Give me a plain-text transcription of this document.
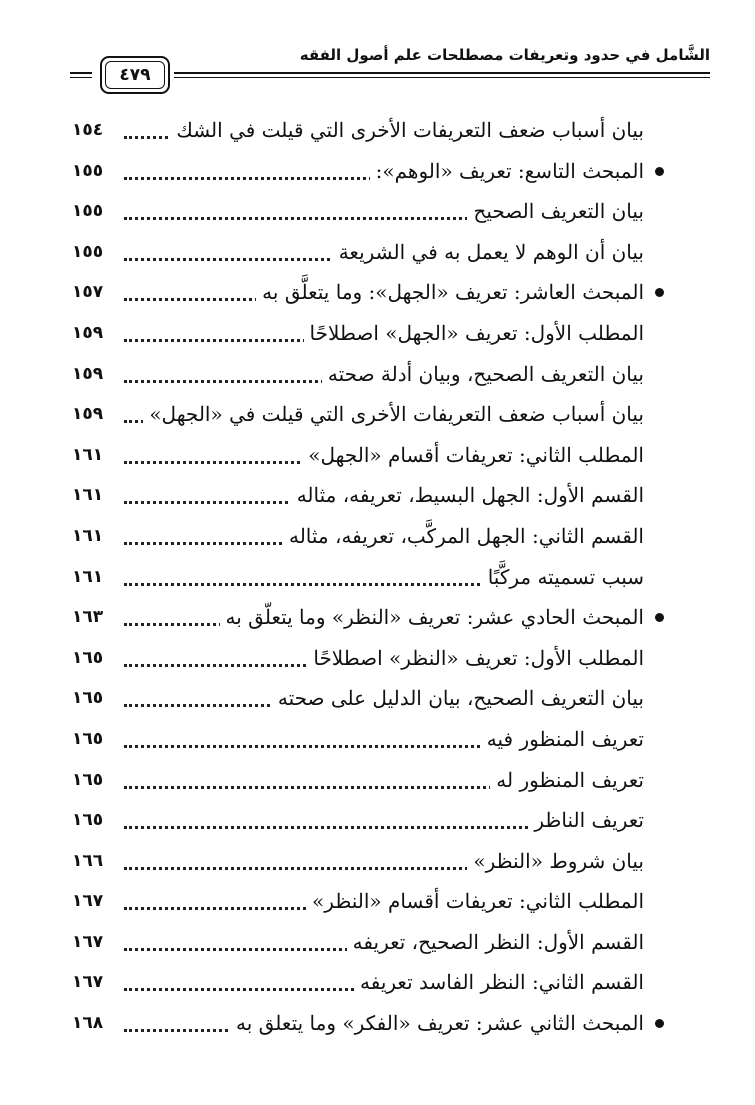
٤٧٩
الشَّامل في حدود وتعريفات مصطلحات علم أصول الفقه
بيان أسباب ضعف التعريفات الأخرى التي قيلت في الشك
١٥٤
المبحث التاسع: تعريف «الوهم»:
١٥٥
بيان التعريف الصحيح
١٥٥
بيان أن الوهم لا يعمل به في الشريعة
١٥٥
المبحث العاشر: تعريف «الجهل»: وما يتعلَّق به
١٥٧
المطلب الأول: تعريف «الجهل» اصطلاحًا
١٥٩
بيان التعريف الصحيح، وبيان أدلة صحته
١٥٩
بيان أسباب ضعف التعريفات الأخرى التي قيلت في «الجهل»
١٥٩
المطلب الثاني: تعريفات أقسام «الجهل»
١٦١
القسم الأول: الجهل البسيط، تعريفه، مثاله
١٦١
القسم الثاني: الجهل المركَّب، تعريفه، مثاله
١٦١
سبب تسميته مركَّبًا
١٦١
المبحث الحادي عشر: تعريف «النظر» وما يتعلّق به
١٦٣
المطلب الأول: تعريف «النظر» اصطلاحًا
١٦٥
بيان التعريف الصحيح، بيان الدليل على صحته
١٦٥
تعريف المنظور فيه
١٦٥
تعريف المنظور له
١٦٥
تعريف الناظر
١٦٥
بيان شروط «النظر»
١٦٦
المطلب الثاني: تعريفات أقسام «النظر»
١٦٧
القسم الأول: النظر الصحيح، تعريفه
١٦٧
القسم الثاني: النظر الفاسد تعريفه
١٦٧
المبحث الثاني عشر: تعريف «الفكر» وما يتعلق به
١٦٨
